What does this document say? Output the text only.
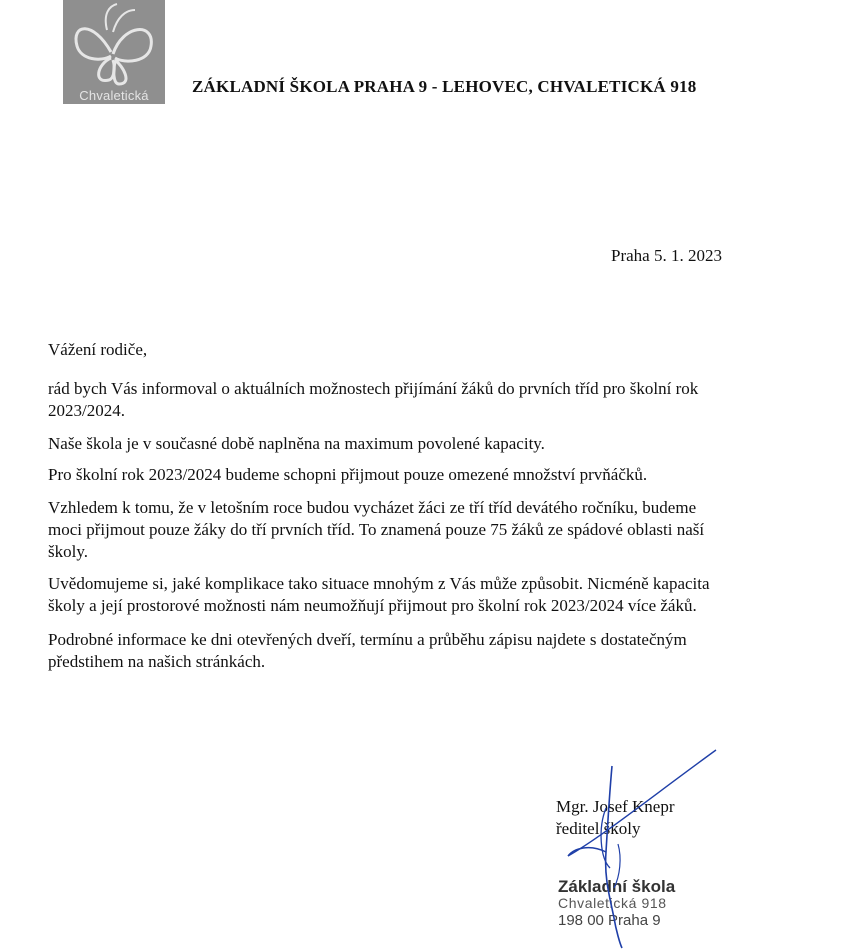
Chvaletická	ZÁKLADNÍ ŠKOLA PRAHA 9 - LEHOVEC, CHVALETICKÁ 918
Praha 5. 1. 2023
Vážení rodiče,
rád bych Vás informoval o aktuálních možnostech přijímání žáků do prvních tříd pro školní rok
2023/2024.
Naše škola je v současné době naplněna na maximum povolené kapacity.
Pro školní rok 2023/2024 budeme schopni přijmout pouze omezené množství prvňáčků.
Vzhledem k tomu, že v letošním roce budou vycházet žáci ze tří tříd devátého ročníku, budeme
moci přijmout pouze žáky do tří prvních tříd. To znamená pouze 75 žáků ze spádové oblasti naší
školy.
Uvědomujeme si, jaké komplikace tako situace mnohým z Vás může způsobit. Nicméně kapacita
školy a její prostorové možnosti nám neumožňují přijmout pro školní rok 2023/2024 více žáků.
Podrobné informace ke dni otevřených dveří, termínu a průběhu zápisu najdete s dostatečným
předstihem na našich stránkách.
Mgr. Josef Knepr
ředitel školy
Základní škola
Chvaletická 918
198 00 Praha 9
